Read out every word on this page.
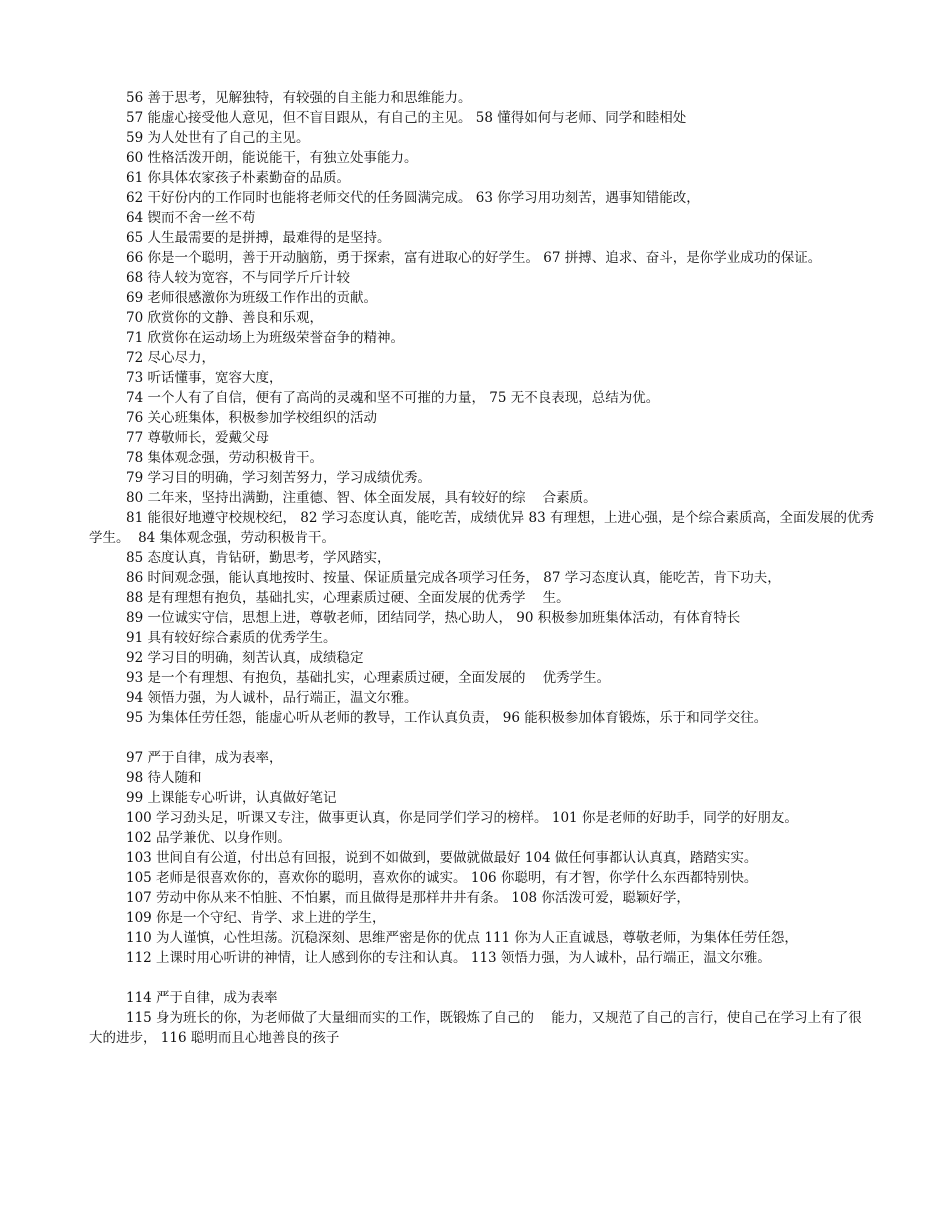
56 善于思考，见解独特，有较强的自主能力和思维能力。
57 能虚心接受他人意见，但不盲目跟从，有自己的主见。 58 懂得如何与老师、同学和睦相处
59 为人处世有了自己的主见。
60 性格活泼开朗，能说能干，有独立处事能力。
61 你具体农家孩子朴素勤奋的品质。
62 干好份内的工作同时也能将老师交代的任务圆满完成。 63 你学习用功刻苦，遇事知错能改，
64 锲而不舍一丝不苟
65 人生最需要的是拼搏，最难得的是坚持。
66 你是一个聪明，善于开动脑筋，勇于探索，富有进取心的好学生。 67 拼搏、追求、奋斗，是你学业成功的保证。
68 待人较为宽容，不与同学斤斤计较
69 老师很感激你为班级工作作出的贡献。
70 欣赏你的文静、善良和乐观，
71 欣赏你在运动场上为班级荣誉奋争的精神。
72 尽心尽力，
73 听话懂事，宽容大度，
74 一个人有了自信，便有了高尚的灵魂和坚不可摧的力量， 75 无不良表现，总结为优。
76 关心班集体，积极参加学校组织的活动
77 尊敬师长，爱戴父母
78 集体观念强，劳动积极肯干。
79 学习目的明确，学习刻苦努力，学习成绩优秀。
80 二年来，坚持出满勤，注重德、智、体全面发展，具有较好的综    合素质。
81 能很好地遵守校规校纪， 82 学习态度认真，能吃苦，成绩优异 83 有理想，上进心强，是个综合素质高，全面发展的优秀学生。  84 集体观念强，劳动积极肯干。
85 态度认真，肯钻研，勤思考，学风踏实，
86 时间观念强，能认真地按时、按量、保证质量完成各项学习任务， 87 学习态度认真，能吃苦，肯下功夫，
88 是有理想有抱负，基础扎实，心理素质过硬、全面发展的优秀学    生。
89 一位诚实守信，思想上进，尊敬老师，团结同学，热心助人， 90 积极参加班集体活动，有体育特长
91 具有较好综合素质的优秀学生。
92 学习目的明确，刻苦认真，成绩稳定
93 是一个有理想、有抱负，基础扎实，心理素质过硬，全面发展的    优秀学生。
94 领悟力强，为人诚朴，品行端正，温文尔雅。
95 为集体任劳任怨，能虚心听从老师的教导，工作认真负责， 96 能积极参加体育锻炼，乐于和同学交往。
97 严于自律，成为表率，
98 待人随和
99 上课能专心听讲，认真做好笔记
100 学习劲头足，听课又专注，做事更认真，你是同学们学习的榜样。 101 你是老师的好助手，同学的好朋友。
102 品学兼优、以身作则。
103 世间自有公道，付出总有回报，说到不如做到，要做就做最好 104 做任何事都认认真真，踏踏实实。
105 老师是很喜欢你的，喜欢你的聪明，喜欢你的诚实。 106 你聪明，有才智，你学什么东西都特别快。
107 劳动中你从来不怕脏、不怕累，而且做得是那样井井有条。 108 你活泼可爱，聪颖好学，
109 你是一个守纪、肯学、求上进的学生，
110 为人谨慎，心性坦荡。沉稳深刻、思维严密是你的优点 111 你为人正直诚恳，尊敬老师，为集体任劳任怨，
112 上课时用心听讲的神情，让人感到你的专注和认真。 113 领悟力强，为人诚朴，品行端正，温文尔雅。
114 严于自律，成为表率
115 身为班长的你，为老师做了大量细而实的工作，既锻炼了自己的    能力，又规范了自己的言行，使自己在学习上有了很大的进步， 116 聪明而且心地善良的孩子
